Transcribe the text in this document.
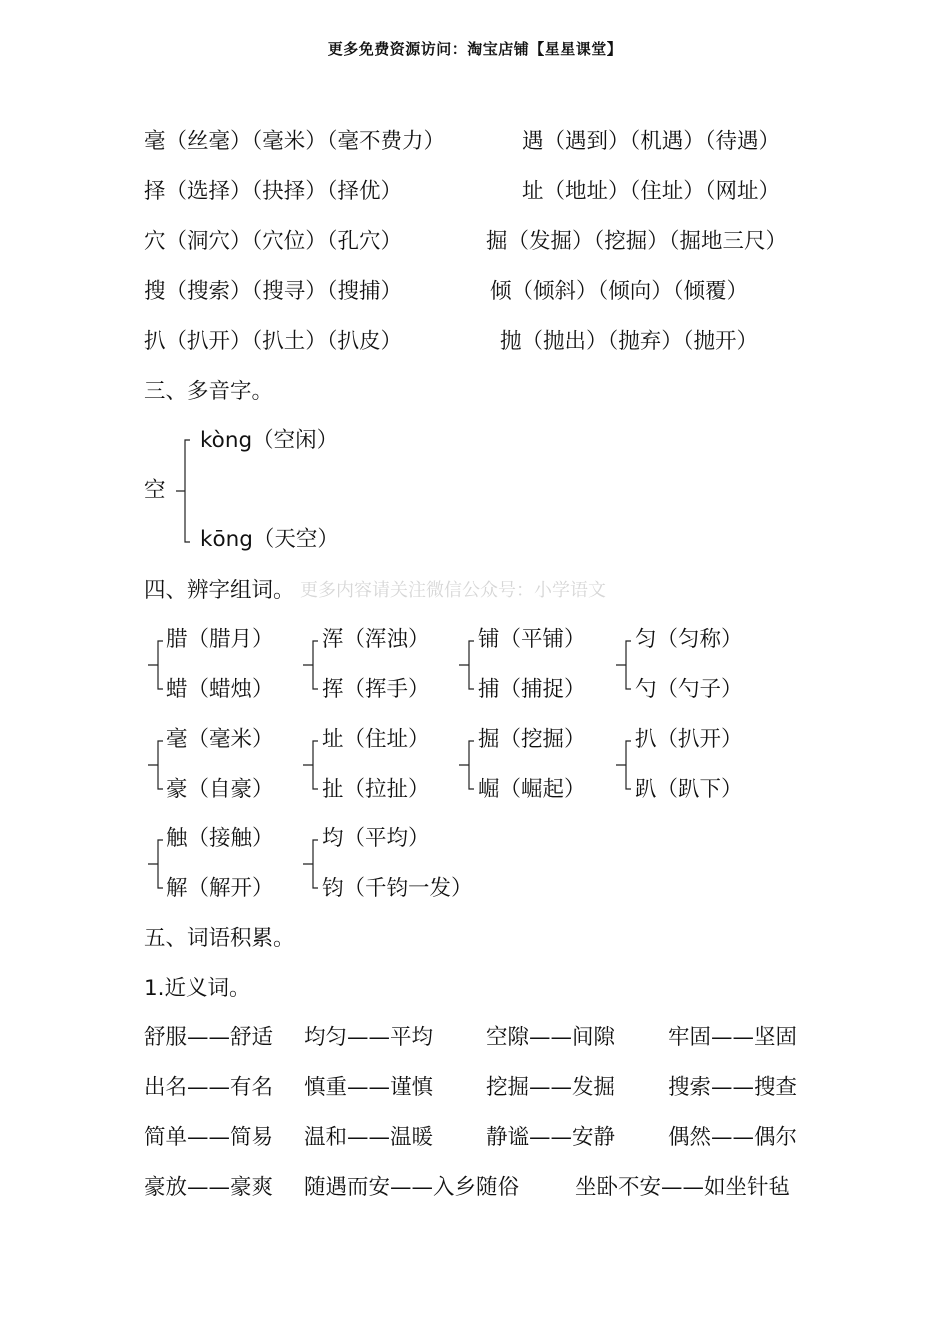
更多免费资源访问：淘宝店铺【星星课堂】
毫（丝毫）（毫米）（毫不费力）	遇（遇到）（机遇）（待遇）
择（选择）（抉择）（择优）	址（地址）（住址）（网址）
穴（洞穴）（穴位）（孔穴）	掘（发掘）（挖掘）（掘地三尺）
搜（搜索）（搜寻）（搜捕）	倾（倾斜）（倾向）（倾覆）
扒（扒开）（扒土）（扒皮）	抛（抛出）（抛弃）（抛开）
三、多音字。
kòng（空闲）
空
kōng（天空）
四、辨字组词。 更多内容请关注微信公众号：小学语文
腊（腊月）
蜡（蜡烛）
浑（浑浊）
挥（挥手）
铺（平铺）
捕（捕捉）
匀（匀称）
勺（勺子）
毫（毫米）
豪（自豪）
址（住址）
扯（拉扯）
掘（挖掘）
崛（崛起）
扒（扒开）
趴（趴下）
触（接触）
解（解开）
均（平均）
钧（千钧一发）
五、词语积累。
1.近义词。
舒服——舒适 均匀——平均 空隙——间隙 牢固——坚固
出名——有名 慎重——谨慎 挖掘——发掘 搜索——搜查
简单——简易 温和——温暖 静谧——安静 偶然——偶尔
豪放——豪爽 随遇而安——入乡随俗	坐卧不安——如坐针毡
